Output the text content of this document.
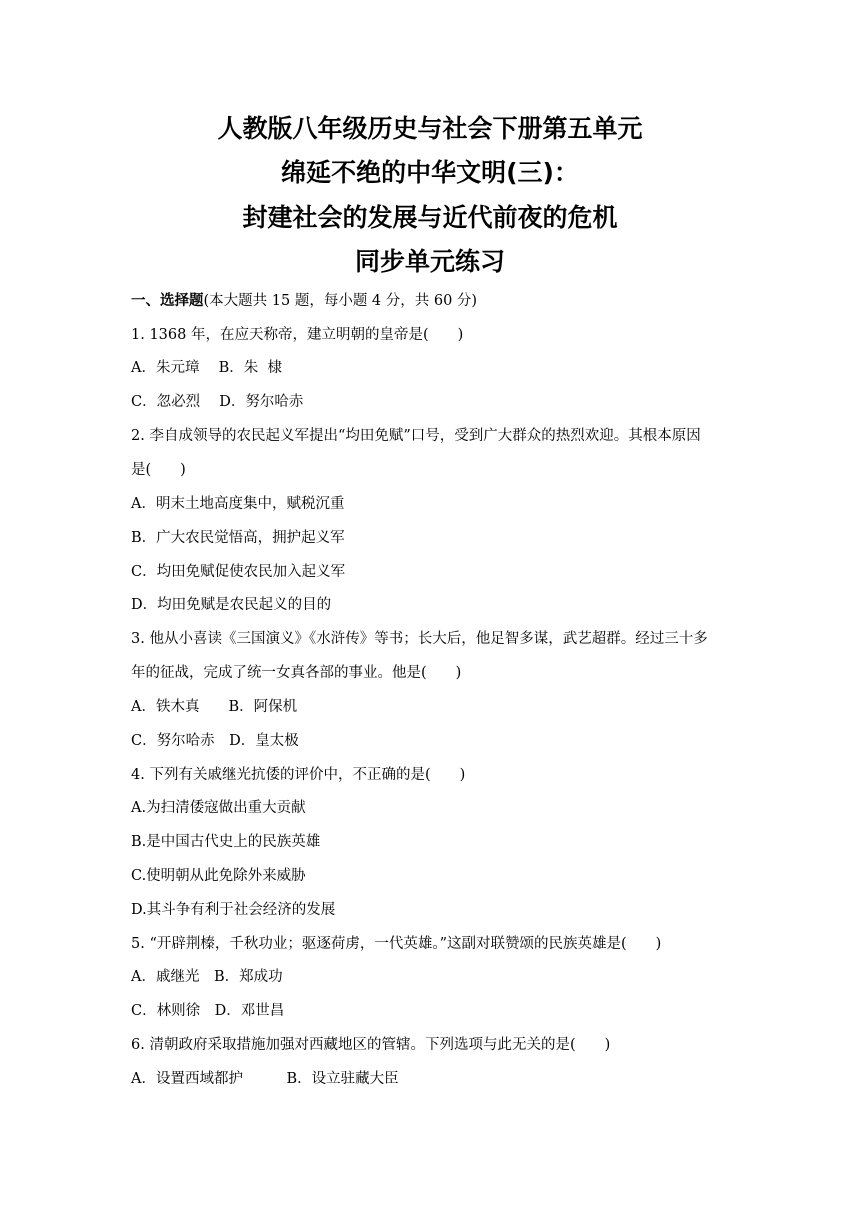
人教版八年级历史与社会下册第五单元
绵延不绝的中华文明(三)：
封建社会的发展与近代前夜的危机
同步单元练习
一、选择题(本大题共 15 题，每小题 4 分，共 60 分)
1. 1368 年，在应天称帝，建立明朝的皇帝是(　　)
A．朱元璋　 B．朱  棣
C．忽必烈　 D．努尔哈赤
2. 李自成领导的农民起义军提出“均田免赋”口号，受到广大群众的热烈欢迎。其根本原因
是(　　)
A．明末土地高度集中，赋税沉重
B．广大农民觉悟高，拥护起义军
C．均田免赋促使农民加入起义军
D．均田免赋是农民起义的目的
3. 他从小喜读《三国演义》《水浒传》等书；长大后，他足智多谋，武艺超群。经过三十多
年的征战，完成了统一女真各部的事业。他是(　　)
A．铁木真　　B．阿保机
C．努尔哈赤　D．皇太极
4. 下列有关戚继光抗倭的评价中，不正确的是(　　)
A.为扫清倭寇做出重大贡献
B.是中国古代史上的民族英雄
C.使明朝从此免除外来威胁
D.其斗争有利于社会经济的发展
5. “开辟荆榛，千秋功业；驱逐荷虏，一代英雄。”这副对联赞颂的民族英雄是(　　)
A．戚继光　B．郑成功
C．林则徐　D．邓世昌
6. 清朝政府采取措施加强对西藏地区的管辖。下列选项与此无关的是(　　)
A．设置西域都护　　　B．设立驻藏大臣
